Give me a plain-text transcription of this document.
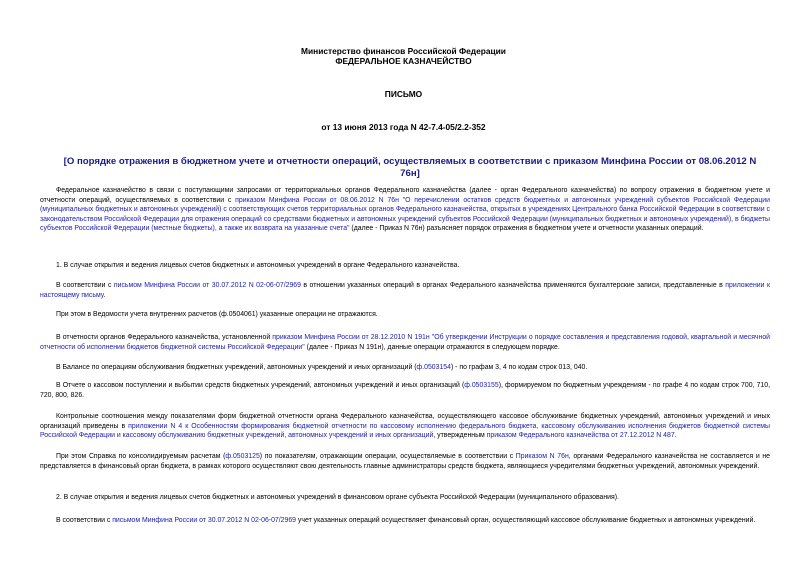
Министерство финансов Российской Федерации
ФЕДЕРАЛЬНОЕ КАЗНАЧЕЙСТВО
ПИСЬМО
от 13 июня 2013 года N 42-7.4-05/2.2-352
[О порядке отражения в бюджетном учете и отчетности операций, осуществляемых в соответствии с приказом Минфина России от 08.06.2012 N 76н]
Федеральное казначейство в связи с поступающими запросами от территориальных органов Федерального казначейства (далее - орган Федерального казначейства) по вопросу отражения в бюджетном учете и отчетности операций, осуществляемых в соответствии с приказом Минфина России от 08.06.2012 N 76н "О перечислении остатков средств бюджетных и автономных учреждений субъектов Российской Федерации (муниципальных бюджетных и автономных учреждений) с соответствующих счетов территориальных органов Федерального казначейства, открытых в учреждениях Центрального банка Российской Федерации в соответствии с законодательством Российской Федерации для отражения операций со средствами бюджетных и автономных учреждений субъектов Российской Федерации (муниципальных бюджетных и автономных учреждений), в бюджеты субъектов Российской Федерации (местные бюджеты), а также их возврата на указанные счета" (далее - Приказ N 76н) разъясняет порядок отражения в бюджетном учете и отчетности указанных операций.
1. В случае открытия и ведения лицевых счетов бюджетных и автономных учреждений в органе Федерального казначейства.
В соответствии с письмом Минфина России от 30.07.2012 N 02-06-07/2969 в отношении указанных операций в органах Федерального казначейства применяются бухгалтерские записи, представленные в приложении к настоящему письму.
При этом в Ведомости учета внутренних расчетов (ф.0504061) указанные операции не отражаются.
В отчетности органов Федерального казначейства, установленной приказом Минфина России от 28.12.2010 N 191н "Об утверждении Инструкции о порядке составления и представления годовой, квартальной и месячной отчетности об исполнении бюджетов бюджетной системы Российской Федерации" (далее - Приказ N 191н), данные операции отражаются в следующем порядке.
В Балансе по операциям обслуживания бюджетных учреждений, автономных учреждений и иных организаций (ф.0503154) - по графам 3, 4 по кодам строк 013, 040.
В Отчете о кассовом поступлении и выбытии средств бюджетных учреждений, автономных учреждений и иных организаций (ф.0503155), формируемом по бюджетным учреждениям - по графе 4 по кодам строк 700, 710, 720, 800, 826.
Контрольные соотношения между показателями форм бюджетной отчетности органа Федерального казначейства, осуществляющего кассовое обслуживание бюджетных учреждений, автономных учреждений и иных организаций приведены в приложении N 4 к Особенностям формирования бюджетной отчетности по кассовому исполнению федерального бюджета, кассовому обслуживанию исполнения бюджетов бюджетной системы Российской Федерации и кассовому обслуживанию бюджетных учреждений, автономных учреждений и иных организаций, утвержденным приказом Федерального казначейства от 27.12.2012 N 487.
При этом Справка по консолидируемым расчетам (ф.0503125) по показателям, отражающим операции, осуществляемые в соответствии с Приказом N 76н, органами Федерального казначейства не составляется и не представляется в финансовый орган бюджета, в рамках которого осуществляют свою деятельность главные администраторы средств бюджета, являющиеся учредителями бюджетных учреждений, автономных учреждений.
2. В случае открытия и ведения лицевых счетов бюджетных и автономных учреждений в финансовом органе субъекта Российской Федерации (муниципального образования).
В соответствии с письмом Минфина России от 30.07.2012 N 02-06-07/2969 учет указанных операций осуществляет финансовый орган, осуществляющий кассовое обслуживание бюджетных и автономных учреждений.
